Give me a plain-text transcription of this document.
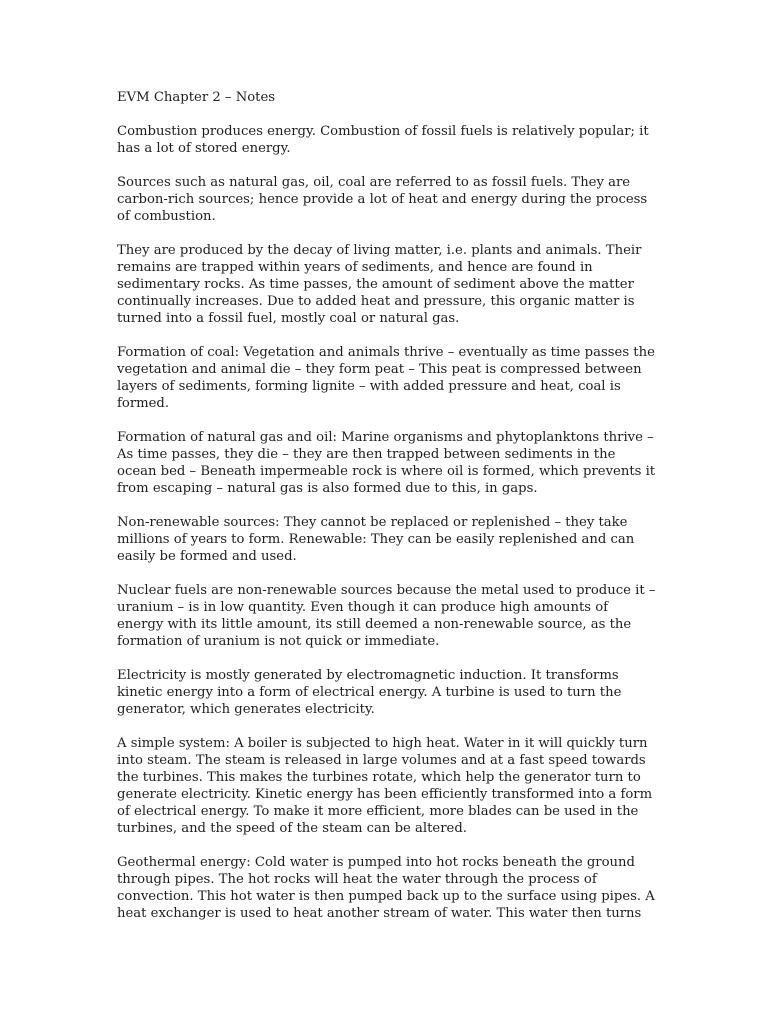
EVM Chapter 2 – Notes

Combustion produces energy. Combustion of fossil fuels is relatively popular; it has a lot of stored energy.

Sources such as natural gas, oil, coal are referred to as fossil fuels. They are carbon-rich sources; hence provide a lot of heat and energy during the process of combustion.

They are produced by the decay of living matter, i.e. plants and animals. Their remains are trapped within years of sediments, and hence are found in sedimentary rocks. As time passes, the amount of sediment above the matter continually increases. Due to added heat and pressure, this organic matter is turned into a fossil fuel, mostly coal or natural gas.

Formation of coal: Vegetation and animals thrive – eventually as time passes the vegetation and animal die – they form peat – This peat is compressed between layers of sediments, forming lignite – with added pressure and heat, coal is formed.

Formation of natural gas and oil: Marine organisms and phytoplanktons thrive – As time passes, they die – they are then trapped between sediments in the ocean bed – Beneath impermeable rock is where oil is formed, which prevents it from escaping – natural gas is also formed due to this, in gaps.

Non-renewable sources: They cannot be replaced or replenished – they take millions of years to form. Renewable: They can be easily replenished and can easily be formed and used.

Nuclear fuels are non-renewable sources because the metal used to produce it – uranium – is in low quantity. Even though it can produce high amounts of energy with its little amount, its still deemed a non-renewable source, as the formation of uranium is not quick or immediate.

Electricity is mostly generated by electromagnetic induction. It transforms kinetic energy into a form of electrical energy. A turbine is used to turn the generator, which generates electricity.

A simple system: A boiler is subjected to high heat. Water in it will quickly turn into steam. The steam is released in large volumes and at a fast speed towards the turbines. This makes the turbines rotate, which help the generator turn to generate electricity. Kinetic energy has been efficiently transformed into a form of electrical energy. To make it more efficient, more blades can be used in the turbines, and the speed of the steam can be altered.

Geothermal energy: Cold water is pumped into hot rocks beneath the ground through pipes. The hot rocks will heat the water through the process of convection. This hot water is then pumped back up to the surface using pipes. A heat exchanger is used to heat another stream of water. This water then turns
